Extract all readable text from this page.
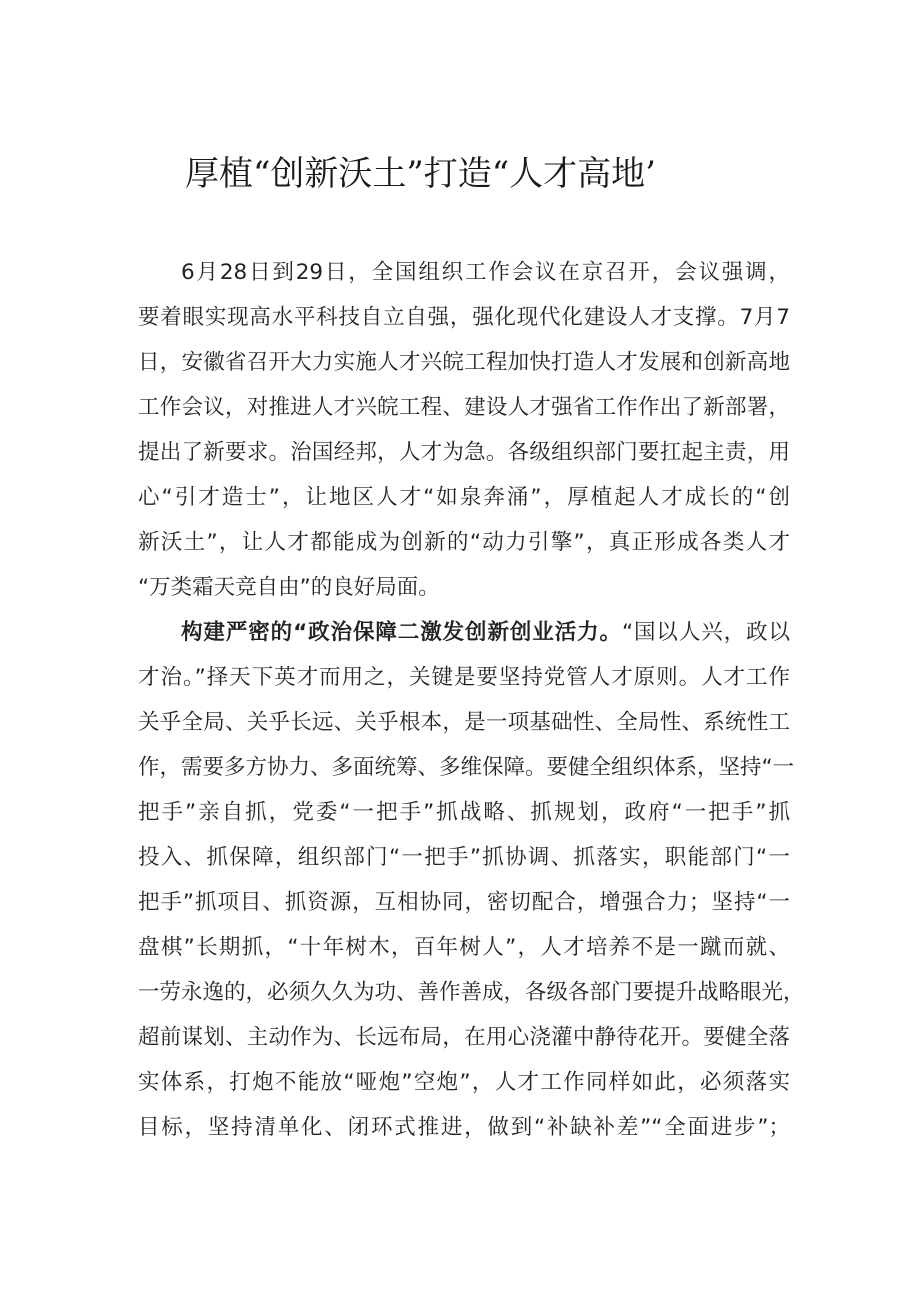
厚植“创新沃土”打造“人才高地’
6月28日到29日，全国组织工作会议在京召开，会议强调，
要着眼实现高水平科技自立自强，强化现代化建设人才支撑。7月7
日，安徽省召开大力实施人才兴皖工程加快打造人才发展和创新高地
工作会议，对推进人才兴皖工程、建设人才强省工作作出了新部署，
提出了新要求。治国经邦，人才为急。各级组织部门要扛起主责，用
心“引才造士”，让地区人才“如泉奔涌”，厚植起人才成长的“创
新沃土”，让人才都能成为创新的“动力引擎”，真正形成各类人才
“万类霜天竞自由”的良好局面。
构建严密的“政治保障二激发创新创业活力。“国以人兴，政以
才治。”择天下英才而用之，关键是要坚持党管人才原则。人才工作
关乎全局、关乎长远、关乎根本，是一项基础性、全局性、系统性工
作，需要多方协力、多面统筹、多维保障。要健全组织体系，坚持“一
把手”亲自抓，党委“一把手”抓战略、抓规划，政府“一把手”抓
投入、抓保障，组织部门“一把手”抓协调、抓落实，职能部门“一
把手”抓项目、抓资源，互相协同，密切配合，增强合力；坚持“一
盘棋”长期抓，“十年树木，百年树人”，人才培养不是一蹴而就、
一劳永逸的，必须久久为功、善作善成，各级各部门要提升战略眼光，
超前谋划、主动作为、长远布局，在用心浇灌中静待花开。要健全落
实体系，打炮不能放“哑炮”空炮”，人才工作同样如此，必须落实
目标，坚持清单化、闭环式推进，做到“补缺补差”“全面进步”；
